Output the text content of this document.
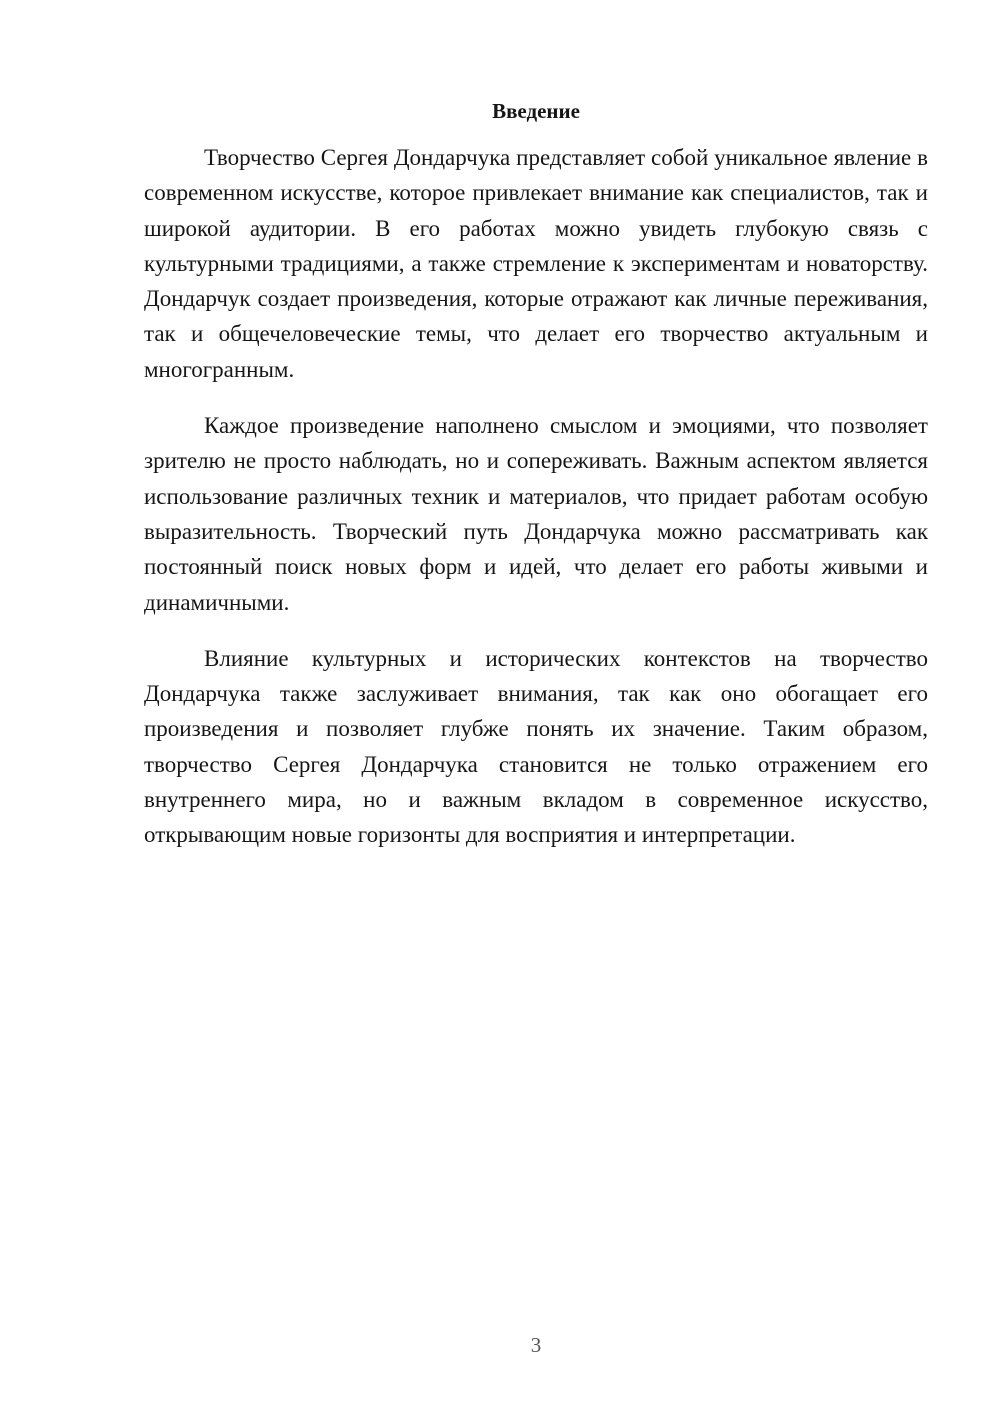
Введение

Творчество Сергея Дондарчука представляет собой уникальное явление в современном искусстве, которое привлекает внимание как специалистов, так и широкой аудитории. В его работах можно увидеть глубокую связь с культурными традициями, а также стремление к экспериментам и новаторству. Дондарчук создает произведения, которые отражают как личные переживания, так и общечеловеческие темы, что делает его творчество актуальным и многогранным.

Каждое произведение наполнено смыслом и эмоциями, что позволяет зрителю не просто наблюдать, но и сопереживать. Важным аспектом является использование различных техник и материалов, что придает работам особую выразительность. Творческий путь Дондарчука можно рассматривать как постоянный поиск новых форм и идей, что делает его работы живыми и динамичными.

Влияние культурных и исторических контекстов на творчество Дондарчука также заслуживает внимания, так как оно обогащает его произведения и позволяет глубже понять их значение. Таким образом, творчество Сергея Дондарчука становится не только отражением его внутреннего мира, но и важным вкладом в современное искусство, открывающим новые горизонты для восприятия и интерпретации.

3
